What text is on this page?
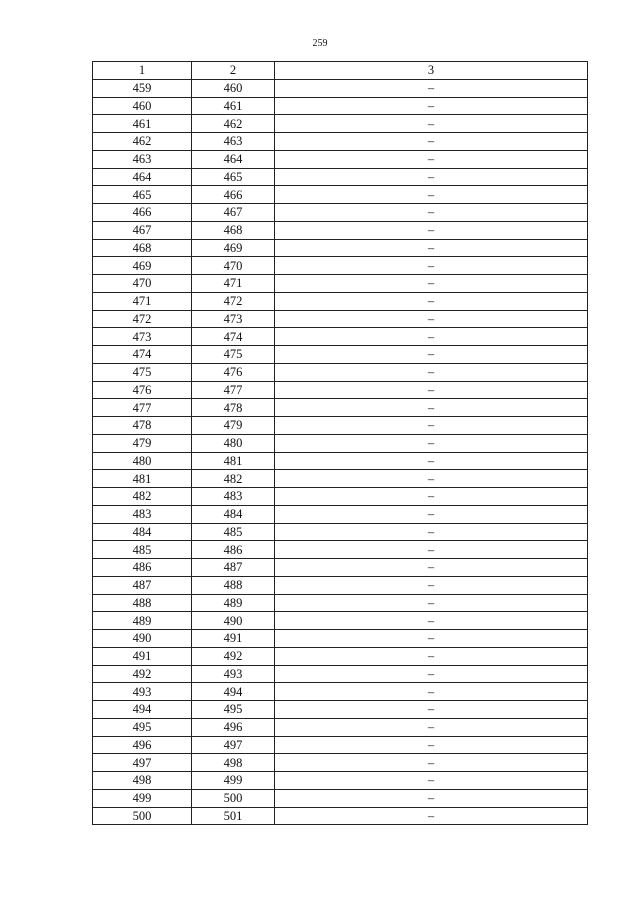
259
1	2	3
459	460	–
460	461	–
461	462	–
462	463	–
463	464	–
464	465	–
465	466	–
466	467	–
467	468	–
468	469	–
469	470	–
470	471	–
471	472	–
472	473	–
473	474	–
474	475	–
475	476	–
476	477	–
477	478	–
478	479	–
479	480	–
480	481	–
481	482	–
482	483	–
483	484	–
484	485	–
485	486	–
486	487	–
487	488	–
488	489	–
489	490	–
490	491	–
491	492	–
492	493	–
493	494	–
494	495	–
495	496	–
496	497	–
497	498	–
498	499	–
499	500	–
500	501	–
